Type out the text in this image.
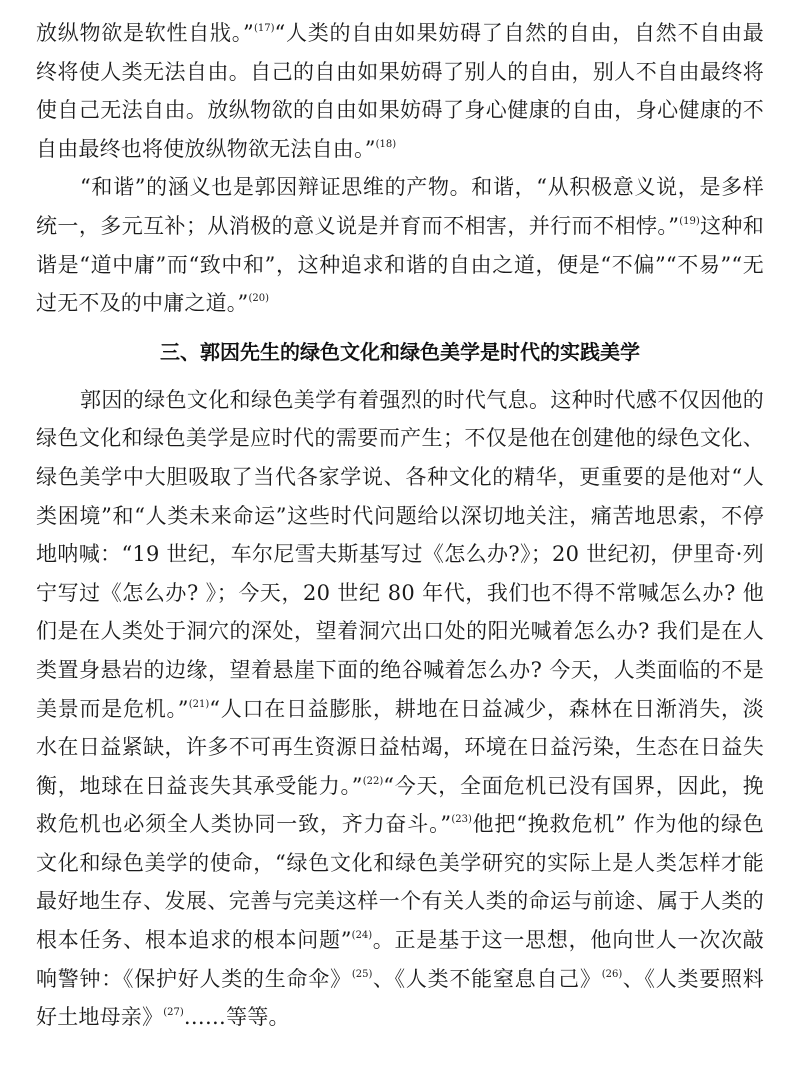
放纵物欲是软性自戕。”$^{(17)}$“人类的自由如果妨碍了自然的自由，自然不自由最终将使人类无法自由。自己的自由如果妨碍了别人的自由，别人不自由最终将使自己无法自由。放纵物欲的自由如果妨碍了身心健康的自由，身心健康的不自由最终也将使放纵物欲无法自由。”$^{(18)}$

“和谐”的涵义也是郭因辩证思维的产物。和谐，“从积极意义说，是多样统一，多元互补；从消极的意义说是并育而不相害，并行而不相悖。”$^{(19)}$这种和谐是“道中庸”而“致中和”，这种追求和谐的自由之道，便是“不偏”“不易”“无过无不及的中庸之道。”$^{(20)}$

三、郭因先生的绿色文化和绿色美学是时代的实践美学

郭因的绿色文化和绿色美学有着强烈的时代气息。这种时代感不仅因他的绿色文化和绿色美学是应时代的需要而产生；不仅是他在创建他的绿色文化、绿色美学中大胆吸取了当代各家学说、各种文化的精华，更重要的是他对“人类困境”和“人类未来命运”这些时代问题给以深切地关注，痛苦地思索，不停地呐喊：“19 世纪，车尔尼雪夫斯基写过《怎么办?》；20 世纪初，伊里奇·列宁写过《怎么办? 》；今天，20 世纪 80 年代，我们也不得不常喊怎么办? 他们是在人类处于洞穴的深处，望着洞穴出口处的阳光喊着怎么办? 我们是在人类置身悬岩的边缘，望着悬崖下面的绝谷喊着怎么办? 今天，人类面临的不是美景而是危机。”$^{(21)}$“人口在日益膨胀，耕地在日益减少，森林在日渐消失，淡水在日益紧缺，许多不可再生资源日益枯竭，环境在日益污染，生态在日益失衡，地球在日益丧失其承受能力。”$^{(22)}$“今天，全面危机已没有国界，因此，挽救危机也必须全人类协同一致，齐力奋斗。”$^{(23)}$他把“挽救危机” 作为他的绿色文化和绿色美学的使命，“绿色文化和绿色美学研究的实际上是人类怎样才能最好地生存、发展、完善与完美这样一个有关人类的命运与前途、属于人类的根本任务、根本追求的根本问题”$^{(24)}$。正是基于这一思想，他向世人一次次敲响警钟：《保护好人类的生命伞》$^{(25)}$、《人类不能窒息自己》$^{(26)}$、《人类要照料好土地母亲》$^{(27)}$……等等。
